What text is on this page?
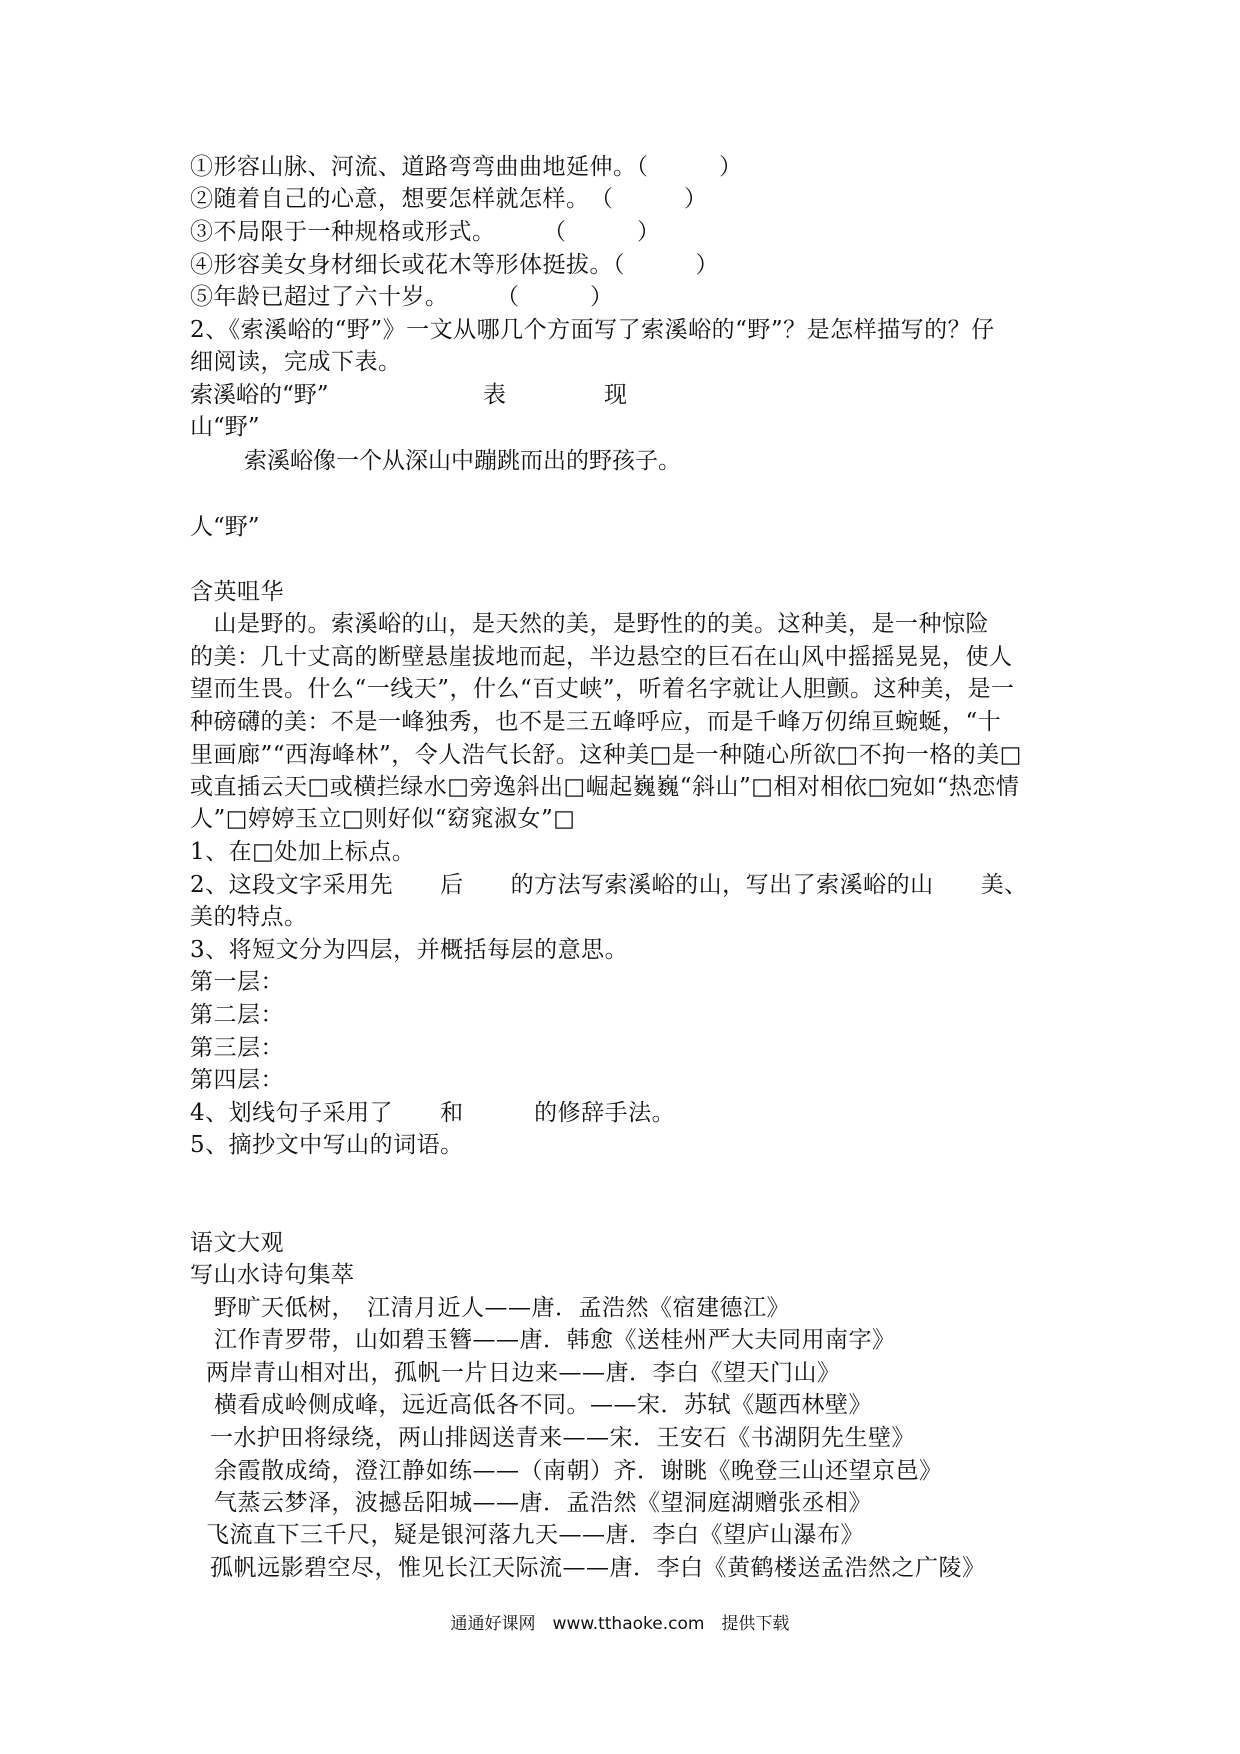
①形容山脉、河流、道路弯弯曲曲地延伸。（　　　）
②随着自己的心意，想要怎样就怎样。　（　　　）
③不局限于一种规格或形式。　　　（　　　）
④形容美女身材细长或花木等形体挺拔。（　　　）
⑤年龄已超过了六十岁。　　　（　　　）
2、《索溪峪的“野”》一文从哪几个方面写了索溪峪的“野”？是怎样描写的？仔
细阅读，完成下表。
索溪峪的“野”	表	现
山“野”
索溪峪像一个从深山中蹦跳而出的野孩子。
人“野”
含英咀华
　山是野的。索溪峪的山，是天然的美，是野性的的美。这种美，是一种惊险
的美：几十丈高的断壁悬崖拔地而起，半边悬空的巨石在山风中摇摇晃晃，使人
望而生畏。什么“一线天”，什么“百丈峡”，听着名字就让人胆颤。这种美，是一
种磅礴的美：不是一峰独秀，也不是三五峰呼应，而是千峰万仞绵亘蜿蜒，“十
里画廊”“西海峰林”，令人浩气长舒。这种美□是一种随心所欲□不拘一格的美□
或直插云天□或横拦绿水□旁逸斜出□崛起巍巍“斜山”□相对相依□宛如“热恋情
人”□婷婷玉立□则好似“窈窕淑女”□
1、在□处加上标点。
2、这段文字采用先　　后　　的方法写索溪峪的山，写出了索溪峪的山　　美、
美的特点。
3、将短文分为四层，并概括每层的意思。
第一层：
第二层：
第三层：
第四层：
4、划线句子采用了　　和　　　的修辞手法。
5、摘抄文中写山的词语。
语文大观
写山水诗句集萃
野旷天低树，　江清月近人——唐．孟浩然《宿建德江》
江作青罗带，山如碧玉簪——唐．韩愈《送桂州严大夫同用南字》
两岸青山相对出，孤帆一片日边来——唐．李白《望天门山》
横看成岭侧成峰，远近高低各不同。——宋．苏轼《题西林壁》
一水护田将绿绕，两山排闼送青来——宋．王安石《书湖阴先生壁》
余霞散成绮，澄江静如练——（南朝）齐．谢眺《晚登三山还望京邑》
气蒸云梦泽，波撼岳阳城——唐．孟浩然《望洞庭湖赠张丞相》
飞流直下三千尺，疑是银河落九天——唐．李白《望庐山瀑布》
孤帆远影碧空尽，惟见长江天际流——唐．李白《黄鹤楼送孟浩然之广陵》
通通好课网　www.tthaoke.com　提供下载
